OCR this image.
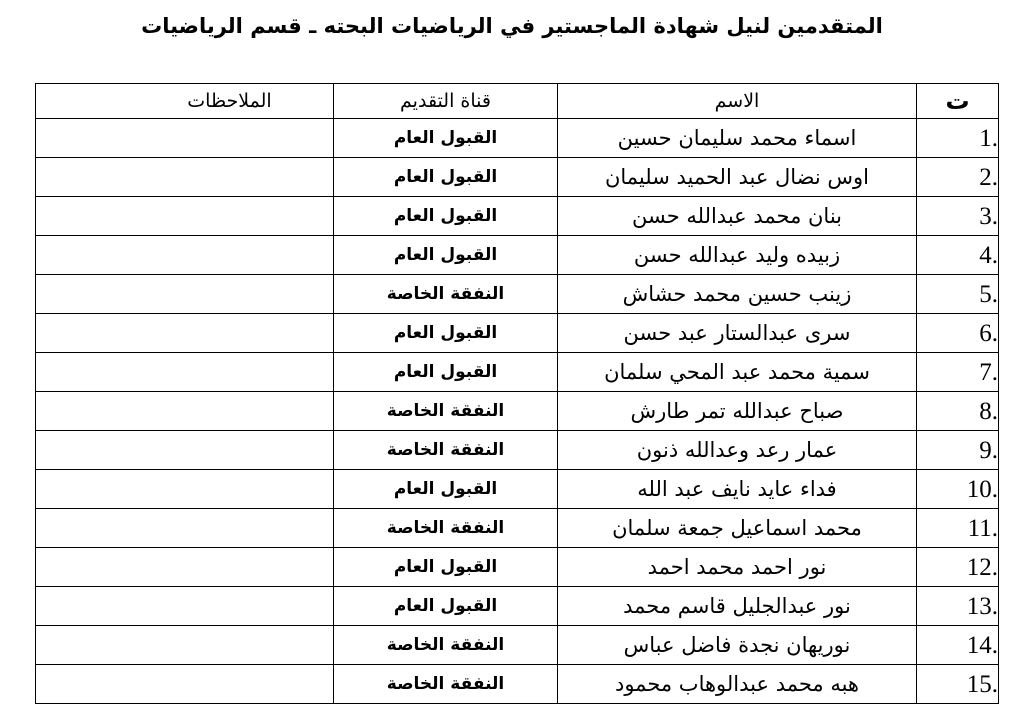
المتقدمين لنيل شهادة الماجستير في الرياضيات البحته ـ قسم الرياضيات
ت	الاسم	قناة التقديم	الملاحظات
1.	اسماء محمد سليمان حسين	القبول العام	
2.	اوس نضال عبد الحميد سليمان	القبول العام	
3.	بنان محمد عبدالله حسن	القبول العام	
4.	زبيده وليد عبدالله حسن	القبول العام	
5.	زينب حسين محمد حشاش	النفقة الخاصة	
6.	سرى عبدالستار عبد حسن	القبول العام	
7.	سمية محمد عبد المحي سلمان	القبول العام	
8.	صباح عبدالله تمر طارش	النفقة الخاصة	
9.	عمار رعد وعدالله ذنون	النفقة الخاصة	
10.	فداء عايد نايف عبد الله	القبول العام	
11.	محمد اسماعيل جمعة سلمان	النفقة الخاصة	
12.	نور احمد محمد احمد	القبول العام	
13.	نور عبدالجليل قاسم محمد	القبول العام	
14.	نوريهان نجدة فاضل عباس	النفقة الخاصة	
15.	هبه محمد عبدالوهاب محمود	النفقة الخاصة	
